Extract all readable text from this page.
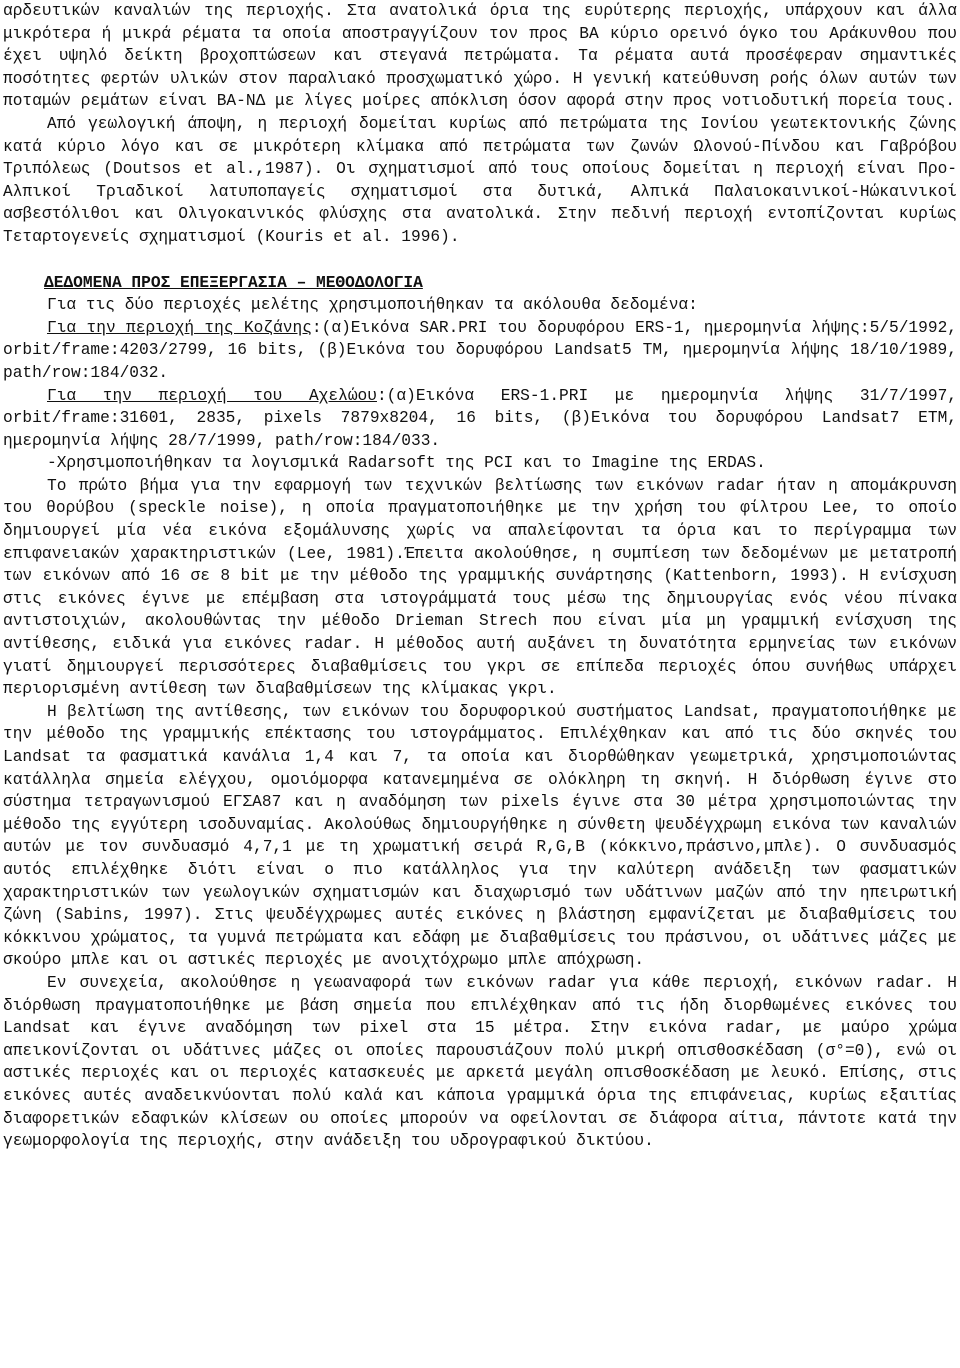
αρδευτικών καναλιών της περιοχής. Στα ανατολικά όρια της ευρύτερης περιοχής, υπάρχουν και άλλα μικρότερα ή μικρά ρέματα τα οποία αποστραγγίζουν τον προς ΒΑ κύριο ορεινό όγκο του Αράκυνθου που έχει υψηλό δείκτη βροχοπτώσεων και στεγανά πετρώματα. Τα ρέματα αυτά προσέφεραν σημαντικές ποσότητες φερτών υλικών στον παραλιακό προσχωματικό χώρο. Η γενική κατεύθυνση ροής όλων αυτών των ποταμών ρεμάτων είναι ΒΑ-ΝΔ με λίγες μοίρες απόκλιση όσον αφορά στην προς νοτιοδυτική πορεία τους.

Από γεωλογική άποψη, η περιοχή δομείται κυρίως από πετρώματα της Ιονίου γεωτεκτονικής ζώνης κατά κύριο λόγο και σε μικρότερη κλίμακα από πετρώματα των ζωνών Ωλονού-Πίνδου και Γαβρόβου Τριπόλεως (Doutsos et al.,1987). Οι σχηματισμοί από τους οποίους δομείται η περιοχή είναι Προ-Αλπικοί Τριαδικοί λατυποπαγείς σχηματισμοί στα δυτικά, Αλπικά Παλαιοκαινικοί-Ηώκαινικοί ασβεστόλιθοι και Ολιγοκαινικός φλύσχης στα ανατολικά. Στην πεδινή περιοχή εντοπίζονται κυρίως Τεταρτογενείς σχηματισμοί (Kouris et al. 1996).

ΔΕΔΟΜΕΝΑ ΠΡΟΣ ΕΠΕΞΕΡΓΑΣΙΑ – ΜΕΘΟΔΟΛΟΓΙΑ

Για τις δύο περιοχές μελέτης χρησιμοποιήθηκαν τα ακόλουθα δεδομένα:

Για την περιοχή της Κοζάνης:(α)Εικόνα SAR.PRI του δορυφόρου ERS-1, ημερομηνία λήψης:5/5/1992, orbit/frame:4203/2799, 16 bits, (β)Εικόνα του δορυφόρου Landsat5 TM, ημερομηνία λήψης 18/10/1989, path/row:184/032.

Για την περιοχή του Αχελώου:(α)Εικόνα ERS-1.PRI με ημερομηνία λήψης 31/7/1997, orbit/frame:31601, 2835, pixels 7879x8204, 16 bits, (β)Εικόνα του δορυφόρου Landsat7 ETM, ημερομηνία λήψης 28/7/1999, path/row:184/033.

-Χρησιμοποιήθηκαν τα λογισμικά Radarsoft της PCI και το Imagine της ERDAS.

Το πρώτο βήμα για την εφαρμογή των τεχνικών βελτίωσης των εικόνων radar ήταν η απομάκρυνση του θορύβου (speckle noise), η οποία πραγματοποιήθηκε με την χρήση του φίλτρου Lee, το οποίο δημιουργεί μία νέα εικόνα εξομάλυνσης χωρίς να απαλείφονται τα όρια και το περίγραμμα των επιφανειακών χαρακτηριστικών (Lee, 1981).Έπειτα ακολούθησε, η συμπίεση των δεδομένων με μετατροπή των εικόνων από 16 σε 8 bit με την μέθοδο της γραμμικής συνάρτησης (Kattenborn, 1993). Η ενίσχυση στις εικόνες έγινε με επέμβαση στα ιστογράμματά τους μέσω της δημιουργίας ενός νέου πίνακα αντιστοιχιών, ακολουθώντας την μέθοδο Drieman Strech που είναι μία μη γραμμική ενίσχυση της αντίθεσης, ειδικά για εικόνες radar. Η μέθοδος αυτή αυξάνει τη δυνατότητα ερμηνείας των εικόνων γιατί δημιουργεί περισσότερες διαβαθμίσεις του γκρι σε επίπεδα περιοχές όπου συνήθως υπάρχει περιορισμένη αντίθεση των διαβαθμίσεων της κλίμακας γκρι.

Η βελτίωση της αντίθεσης, των εικόνων του δορυφορικού συστήματος Landsat, πραγματοποιήθηκε με την μέθοδο της γραμμικής επέκτασης του ιστογράμματος. Επιλέχθηκαν και από τις δύο σκηνές του Landsat τα φασματικά κανάλια 1,4 και 7, τα οποία και διορθώθηκαν γεωμετρικά, χρησιμοποιώντας κατάλληλα σημεία ελέγχου, ομοιόμορφα κατανεμημένα σε ολόκληρη τη σκηνή. Η διόρθωση έγινε στο σύστημα τετραγωνισμού ΕΓΣΑ87 και η αναδόμηση των pixels έγινε στα 30 μέτρα χρησιμοποιώντας την μέθοδο της εγγύτερη ισοδυναμίας. Ακολούθως δημιουργήθηκε η σύνθετη ψευδέγχρωμη εικόνα των καναλιών αυτών με τον συνδυασμό 4,7,1 με τη χρωματική σειρά R,G,B (κόκκινο,πράσινο,μπλε). Ο συνδυασμός αυτός επιλέχθηκε διότι είναι ο πιο κατάλληλος για την καλύτερη ανάδειξη των φασματικών χαρακτηριστικών των γεωλογικών σχηματισμών και διαχωρισμό των υδάτινων μαζών από την ηπειρωτική ζώνη (Sabins, 1997). Στις ψευδέγχρωμες αυτές εικόνες η βλάστηση εμφανίζεται με διαβαθμίσεις του κόκκινου χρώματος, τα γυμνά πετρώματα και εδάφη με διαβαθμίσεις του πράσινου, οι υδάτινες μάζες με σκούρο μπλε και οι αστικές περιοχές με ανοιχτόχρωμο μπλε απόχρωση.

Εν συνεχεία, ακολούθησε η γεωαναφορά των εικόνων radar για κάθε περιοχή, εικόνων radar. Η διόρθωση πραγματοποιήθηκε με βάση σημεία που επιλέχθηκαν από τις ήδη διορθωμένες εικόνες του Landsat και έγινε αναδόμηση των pixel στα 15 μέτρα. Στην εικόνα radar, με μαύρο χρώμα απεικονίζονται οι υδάτινες μάζες οι οποίες παρουσιάζουν πολύ μικρή οπισθοσκέδαση (σ°=0), ενώ οι αστικές περιοχές και οι περιοχές κατασκευές με αρκετά μεγάλη οπισθοσκέδαση με λευκό. Επίσης, στις εικόνες αυτές αναδεικνύονται πολύ καλά και κάποια γραμμικά όρια της επιφάνειας, κυρίως εξαιτίας διαφορετικών εδαφικών κλίσεων ου οποίες μπορούν να οφείλονται σε διάφορα αίτια, πάντοτε κατά την γεωμορφολογία της περιοχής, στην ανάδειξη του υδρογραφικού δικτύου.
